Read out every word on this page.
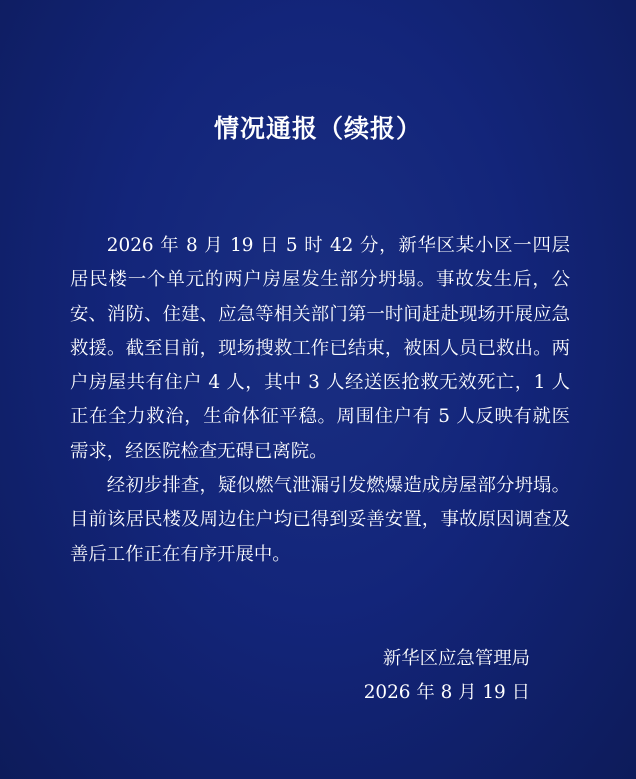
情况通报（续报）

2026 年 8 月 19 日 5 时 42 分，新华区某小区一四层居民楼一个单元的两户房屋发生部分坍塌。事故发生后，公安、消防、住建、应急等相关部门第一时间赶赴现场开展应急救援。截至目前，现场搜救工作已结束，被困人员已救出。两户房屋共有住户 4 人，其中 3 人经送医抢救无效死亡，1 人正在全力救治，生命体征平稳。周围住户有 5 人反映有就医需求，经医院检查无碍已离院。

经初步排查，疑似燃气泄漏引发燃爆造成房屋部分坍塌。目前该居民楼及周边住户均已得到妥善安置，事故原因调查及善后工作正在有序开展中。

新华区应急管理局
2026 年 8 月 19 日
